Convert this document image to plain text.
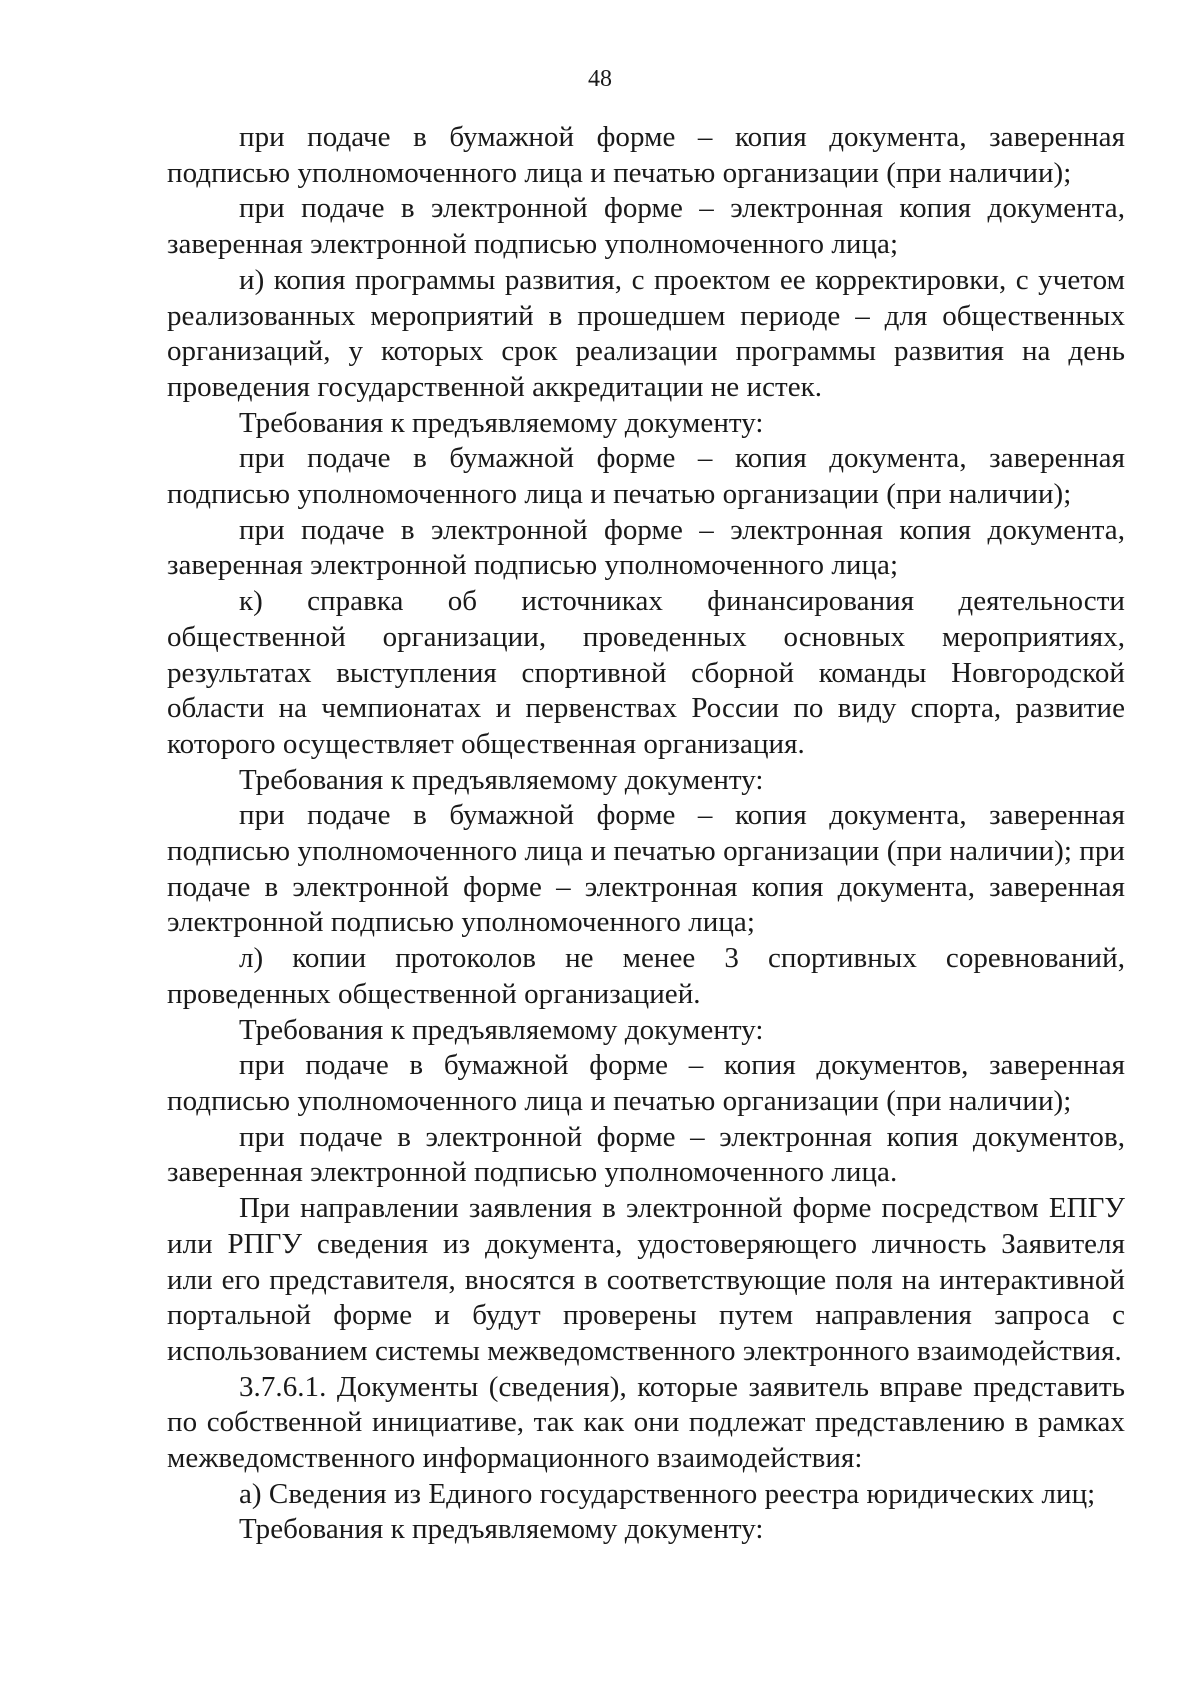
48

при подаче в бумажной форме – копия документа, заверенная подписью уполномоченного лица и печатью организации (при наличии);

при подаче в электронной форме – электронная копия документа, заверенная электронной подписью уполномоченного лица;

и) копия программы развития, с проектом ее корректировки, с учетом реализованных мероприятий в прошедшем периоде – для общественных организаций, у которых срок реализации программы развития на день проведения государственной аккредитации не истек.

Требования к предъявляемому документу:

при подаче в бумажной форме – копия документа, заверенная подписью уполномоченного лица и печатью организации (при наличии);

при подаче в электронной форме – электронная копия документа, заверенная электронной подписью уполномоченного лица;

к) справка об источниках финансирования деятельности общественной организации, проведенных основных мероприятиях, результатах выступления спортивной сборной команды Новгородской области на чемпионатах и первенствах России по виду спорта, развитие которого осуществляет общественная организация.

Требования к предъявляемому документу:

при подаче в бумажной форме – копия документа, заверенная подписью уполномоченного лица и печатью организации (при наличии); при подаче в электронной форме – электронная копия документа, заверенная электронной подписью уполномоченного лица;

л) копии протоколов не менее 3 спортивных соревнований, проведенных общественной организацией.

Требования к предъявляемому документу:

при подаче в бумажной форме – копия документов, заверенная подписью уполномоченного лица и печатью организации (при наличии);

при подаче в электронной форме – электронная копия документов, заверенная электронной подписью уполномоченного лица.

При направлении заявления в электронной форме посредством ЕПГУ или РПГУ сведения из документа, удостоверяющего личность Заявителя или его представителя, вносятся в соответствующие поля на интерактивной портальной форме и будут проверены путем направления запроса с использованием системы межведомственного электронного взаимодействия.

3.7.6.1. Документы (сведения), которые заявитель вправе представить по собственной инициативе, так как они подлежат представлению в рамках межведомственного информационного взаимодействия:

а) Сведения из Единого государственного реестра юридических лиц;

Требования к предъявляемому документу:
